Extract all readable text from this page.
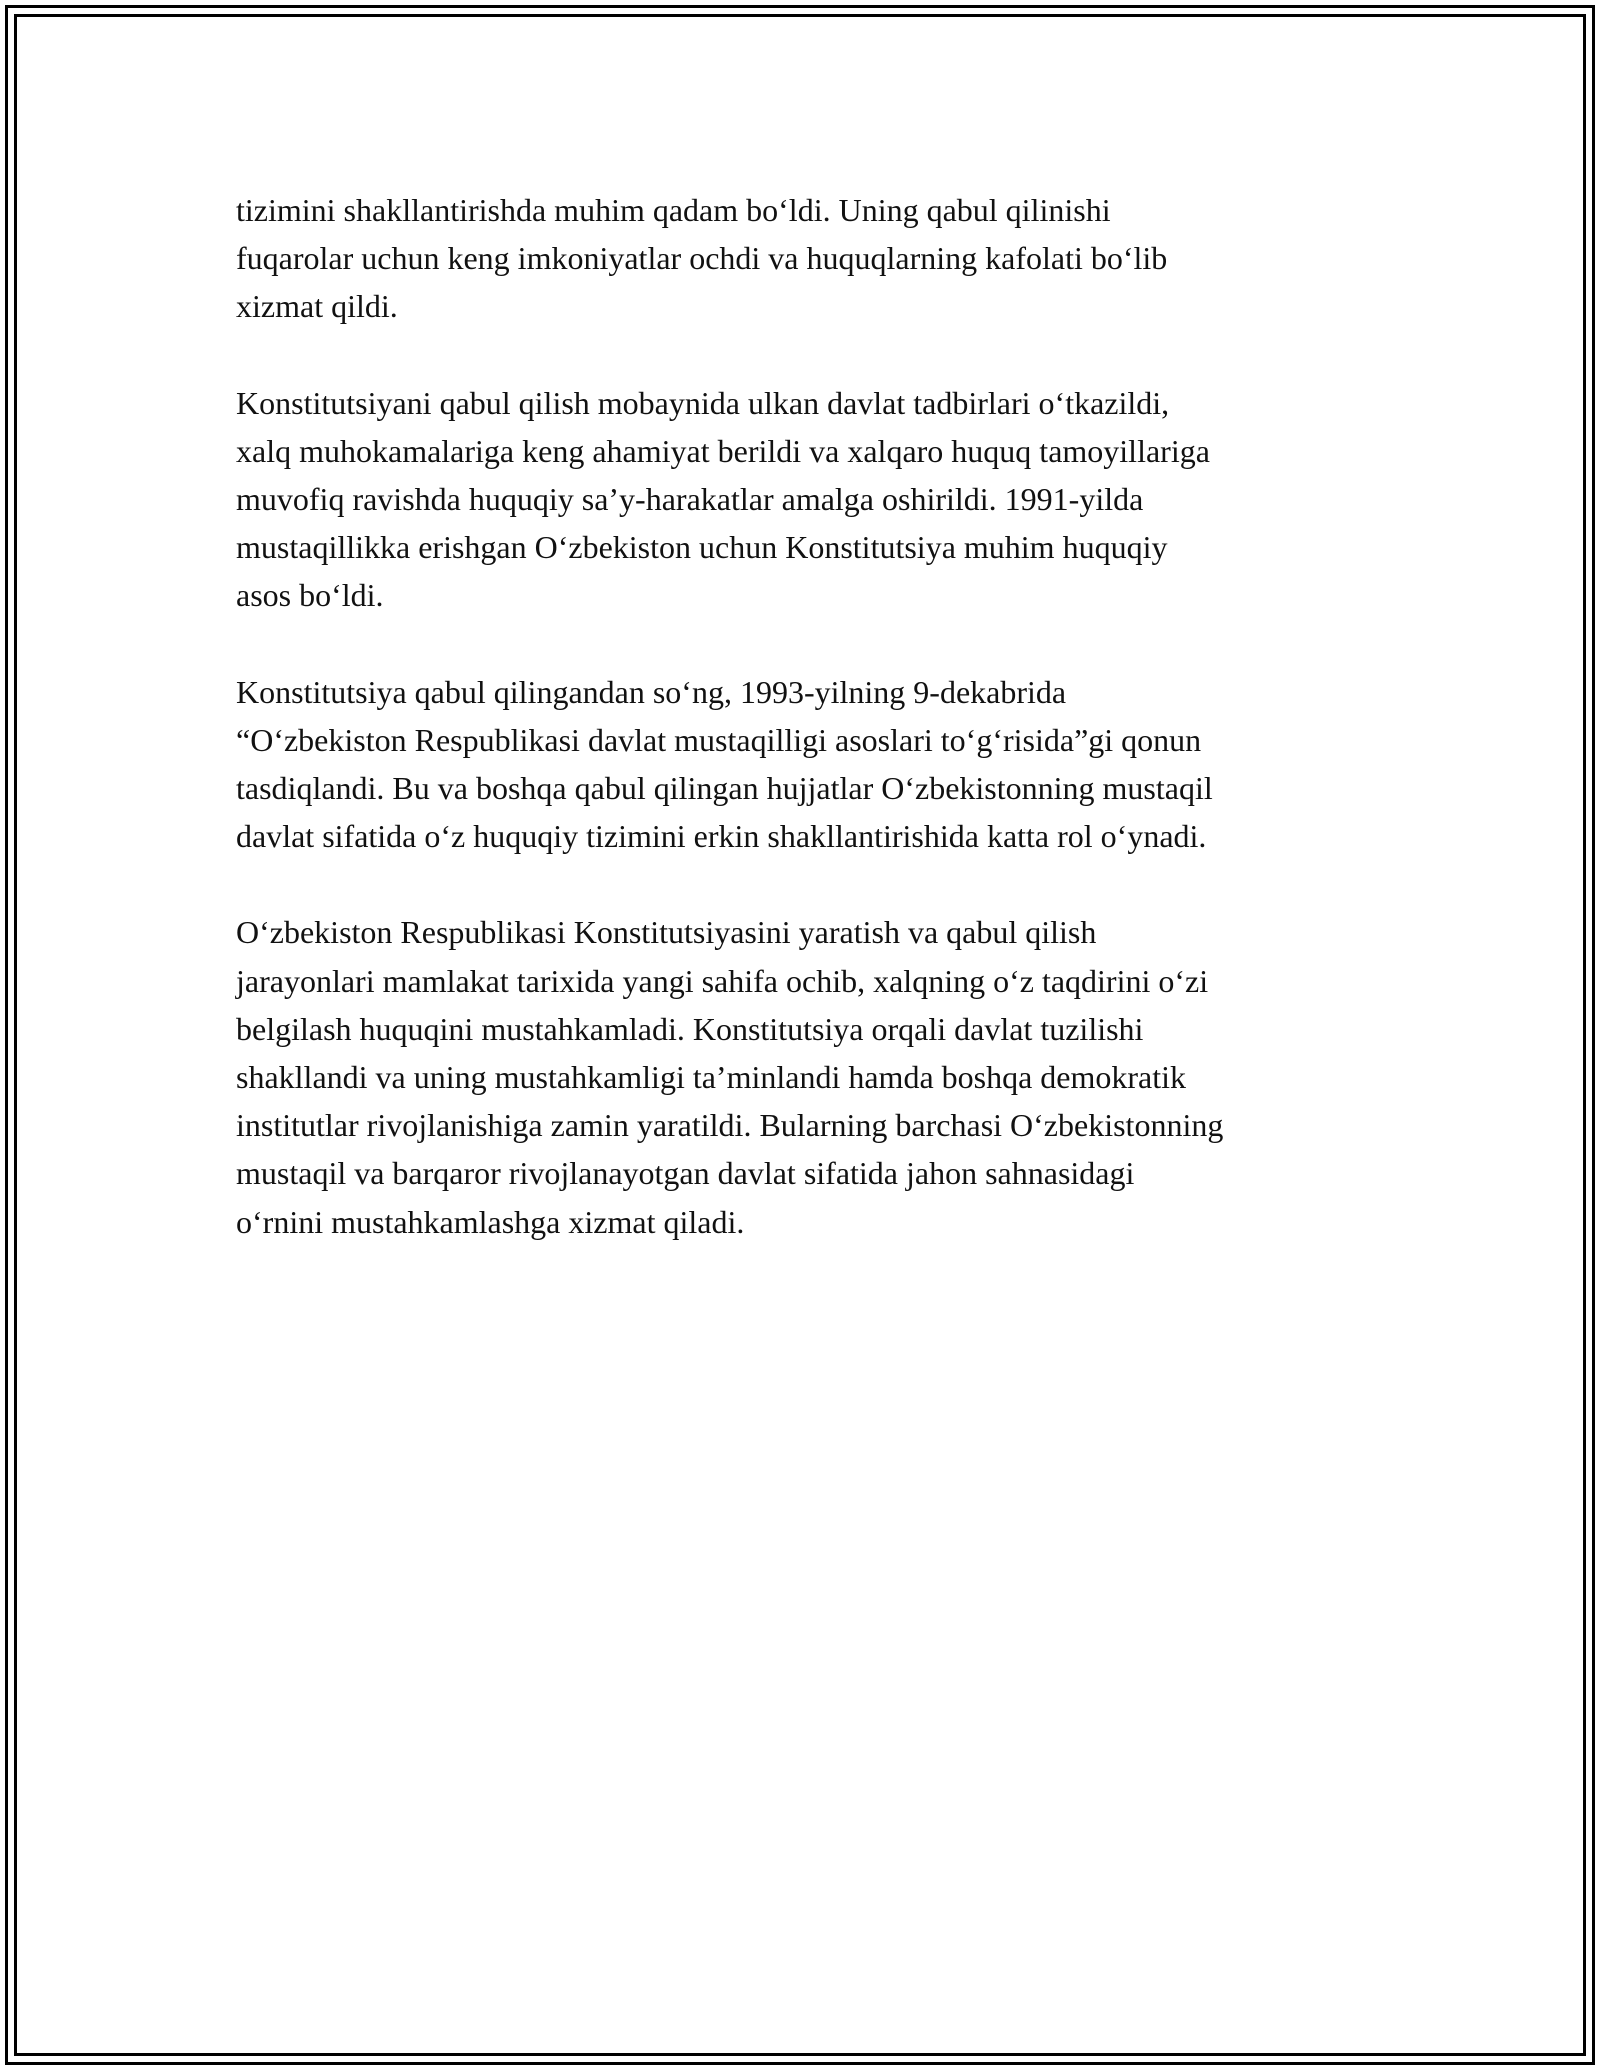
tizimini shakllantirishda muhim qadam bo‘ldi. Uning qabul qilinishi
fuqarolar uchun keng imkoniyatlar ochdi va huquqlarning kafolati bo‘lib
xizmat qildi.

Konstitutsiyani qabul qilish mobaynida ulkan davlat tadbirlari o‘tkazildi,
xalq muhokamalariga keng ahamiyat berildi va xalqaro huquq tamoyillariga
muvofiq ravishda huquqiy sa’y-harakatlar amalga oshirildi. 1991-yilda
mustaqillikka erishgan O‘zbekiston uchun Konstitutsiya muhim huquqiy
asos bo‘ldi.

Konstitutsiya qabul qilingandan so‘ng, 1993-yilning 9-dekabrida
“O‘zbekiston Respublikasi davlat mustaqilligi asoslari to‘g‘risida”gi qonun
tasdiqlandi. Bu va boshqa qabul qilingan hujjatlar O‘zbekistonning mustaqil
davlat sifatida o‘z huquqiy tizimini erkin shakllantirishida katta rol o‘ynadi.

O‘zbekiston Respublikasi Konstitutsiyasini yaratish va qabul qilish
jarayonlari mamlakat tarixida yangi sahifa ochib, xalqning o‘z taqdirini o‘zi
belgilash huquqini mustahkamladi. Konstitutsiya orqali davlat tuzilishi
shakllandi va uning mustahkamligi ta’minlandi hamda boshqa demokratik
institutlar rivojlanishiga zamin yaratildi. Bularning barchasi O‘zbekistonning
mustaqil va barqaror rivojlanayotgan davlat sifatida jahon sahnasidagi
o‘rnini mustahkamlashga xizmat qiladi.
